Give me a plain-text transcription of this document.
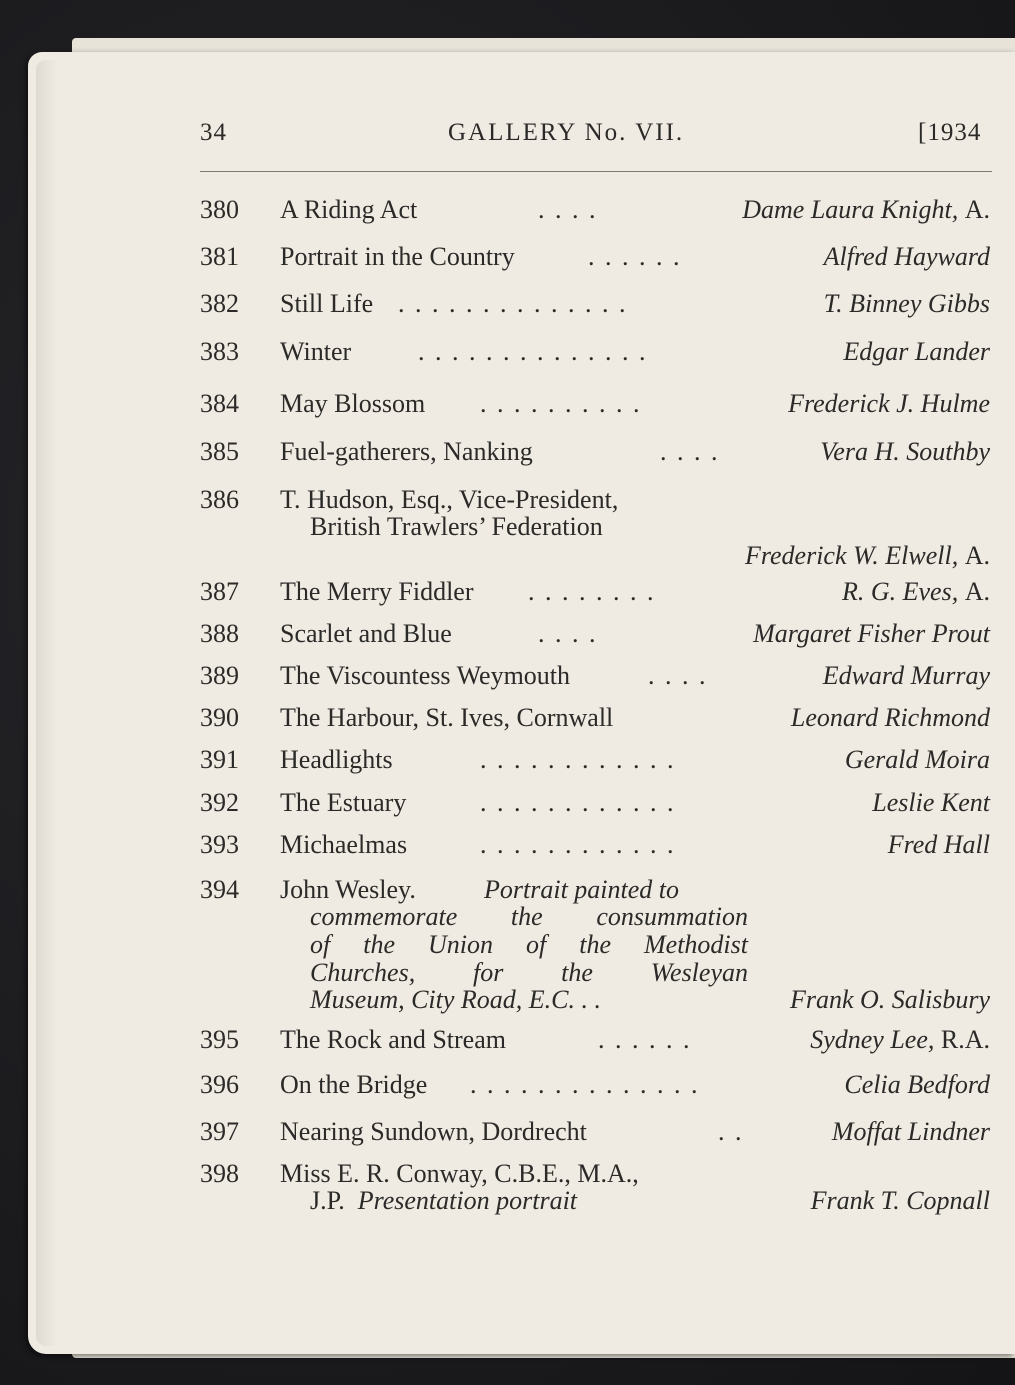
34	GALLERY No. VII.	[1934
380	A Riding Act	. . . .	Dame Laura Knight, A.
381	Portrait in the Country	. . . . . .	Alfred Hayward
382	Still Life . . . . . . . . . . . . . .	T. Binney Gibbs
383	Winter	. . . . . . . . . . . . . .	Edgar Lander
384	May Blossom . . . . . . . . . .	Frederick J. Hulme
385	Fuel-gatherers, Nanking	. . . .	Vera H. Southby
386	T. Hudson, Esq., Vice-President,
British Trawlers’ Federation
Frederick W. Elwell, A.
387	The Merry Fiddler . . . . . . . .	R. G. Eves, A.
388	Scarlet and Blue	. . . .	Margaret Fisher Prout
389	The Viscountess Weymouth	. . . .	Edward Murray
390	The Harbour, St. Ives, Cornwall	Leonard Richmond
391	Headlights	. . . . . . . . . . . .	Gerald Moira
392	The Estuary	. . . . . . . . . . . .	Leslie Kent
393	Michaelmas	. . . . . . . . . . . .	Fred Hall
394	John Wesley.	Portrait painted to
commemorate the consummation
of the Union of the Methodist
Churches, for the Wesleyan
Museum, City Road, E.C. . .	Frank O. Salisbury
395	The Rock and Stream	. . . . . .	Sydney Lee, R.A.
396	On the Bridge . . . . . . . . . . . . . .	Celia Bedford
397	Nearing Sundown, Dordrecht	. .	Moffat Lindner
398	Miss E. R. Conway, C.B.E., M.A.,
J.P. Presentation portrait	Frank T. Copnall
